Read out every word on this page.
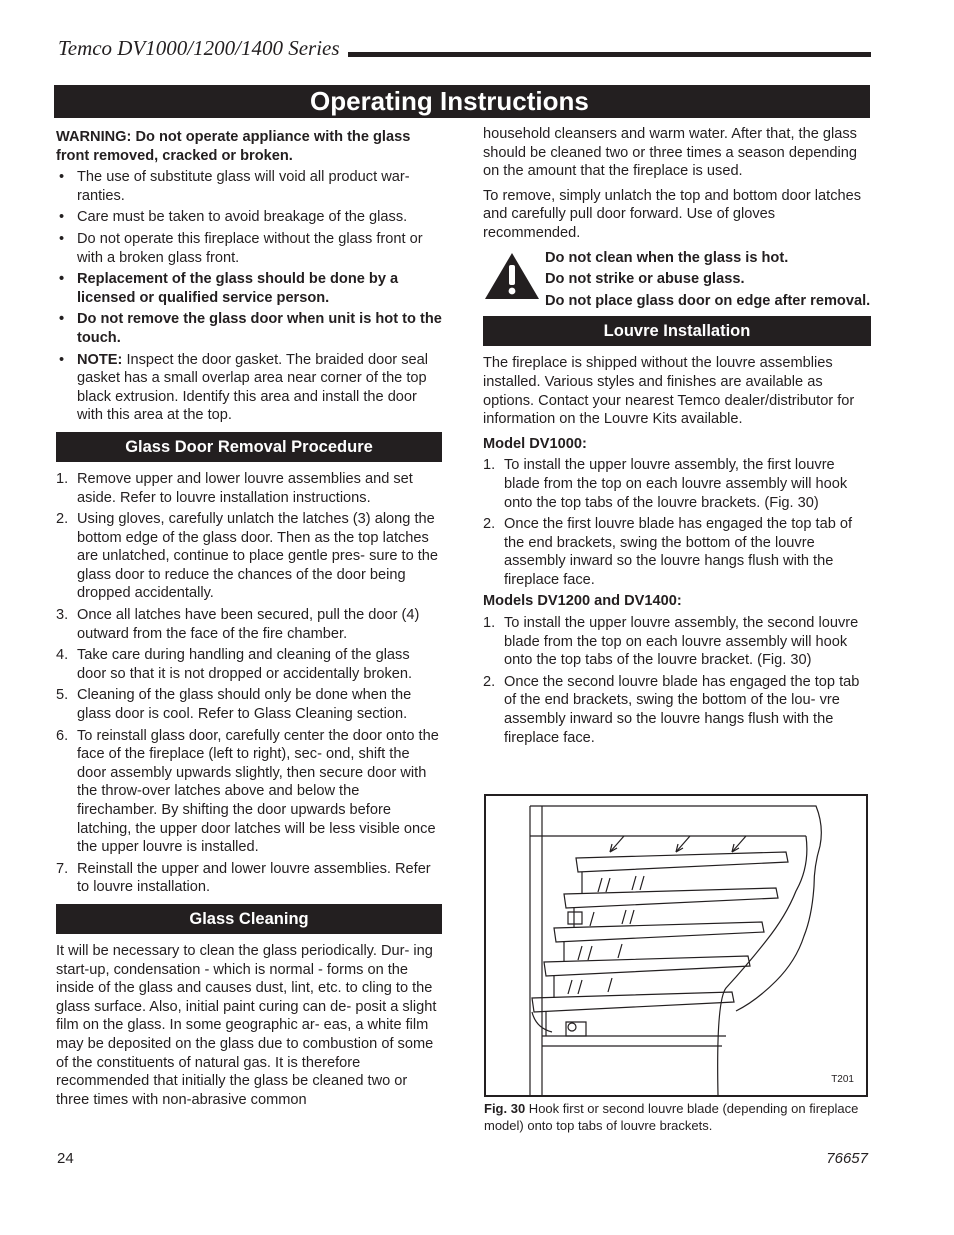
Temco DV1000/1200/1400 Series
Operating Instructions

WARNING: Do not operate appliance with the glass front removed, cracked or broken.

• The use of substitute glass will void all product war- ranties.
• Care must be taken to avoid breakage of the glass.
• Do not operate this fireplace without the glass front or with a broken glass front.
• Replacement of the glass should be done by a licensed or qualified service person.
• Do not remove the glass door when unit is hot to the touch.
• NOTE: Inspect the door gasket. The braided door seal gasket has a small overlap area near corner of the top black extrusion. Identify this area and install the door with this area at the top.
Glass Door Removal Procedure
1. Remove upper and lower louvre assemblies and set aside. Refer to louvre installation instructions.
2. Using gloves, carefully unlatch the latches (3) along the bottom edge of the glass door. Then as the top latches are unlatched, continue to place gentle pres- sure to the glass door to reduce the chances of the door being dropped accidentally.
3. Once all latches have been secured, pull the door (4) outward from the face of the fire chamber.
4. Take care during handling and cleaning of the glass door so that it is not dropped or accidentally broken.
5. Cleaning of the glass should only be done when the glass door is cool. Refer to Glass Cleaning section.
6. To reinstall glass door, carefully center the door onto the face of the fireplace (left to right), sec- ond, shift the door assembly upwards slightly, then secure door with the throw-over latches above and below the firechamber. By shifting the door upwards before latching, the upper door latches will be less visible once the upper louvre is installed.
7. Reinstall the upper and lower louvre assemblies. Refer to louvre installation.
Glass Cleaning

It will be necessary to clean the glass periodically. Dur- ing start-up, condensation - which is normal - forms on the inside of the glass and causes dust, lint, etc. to cling to the glass surface. Also, initial paint curing can de- posit a slight film on the glass. In some geographic ar- eas, a white film may be deposited on the glass due to combustion of some of the constituents of natural gas. It is therefore recommended that initially the glass be cleaned two or three times with non-abrasive common

household cleansers and warm water. After that, the glass should be cleaned two or three times a season depending on the amount that the fireplace is used.

To remove, simply unlatch the top and bottom door latches and carefully pull door forward. Use of gloves recommended.

Do not clean when the glass is hot.
Do not strike or abuse glass.
Do not place glass door on edge after removal.
Louvre Installation

The fireplace is shipped without the louvre assemblies installed. Various styles and finishes are available as options. Contact your nearest Temco dealer/distributor for information on the Louvre Kits available.

Model DV1000:

1. To install the upper louvre assembly, the first louvre blade from the top on each louvre assembly will hook onto the top tabs of the louvre brackets. (Fig. 30)
2. Once the first louvre blade has engaged the top tab of the end brackets, swing the bottom of the louvre assembly inward so the louvre hangs flush with the fireplace face.

Models DV1200 and DV1400:

1. To install the upper louvre assembly, the second louvre blade from the top on each louvre assembly will hook onto the top tabs of the louvre bracket. (Fig. 30)
2. Once the second louvre blade has engaged the top tab of the end brackets, swing the bottom of the lou- vre assembly inward so the louvre hangs flush with the fireplace face.
T201
Fig. 30 Hook first or second louvre blade (depending on fireplace model) onto top tabs of louvre brackets.
24	76657
